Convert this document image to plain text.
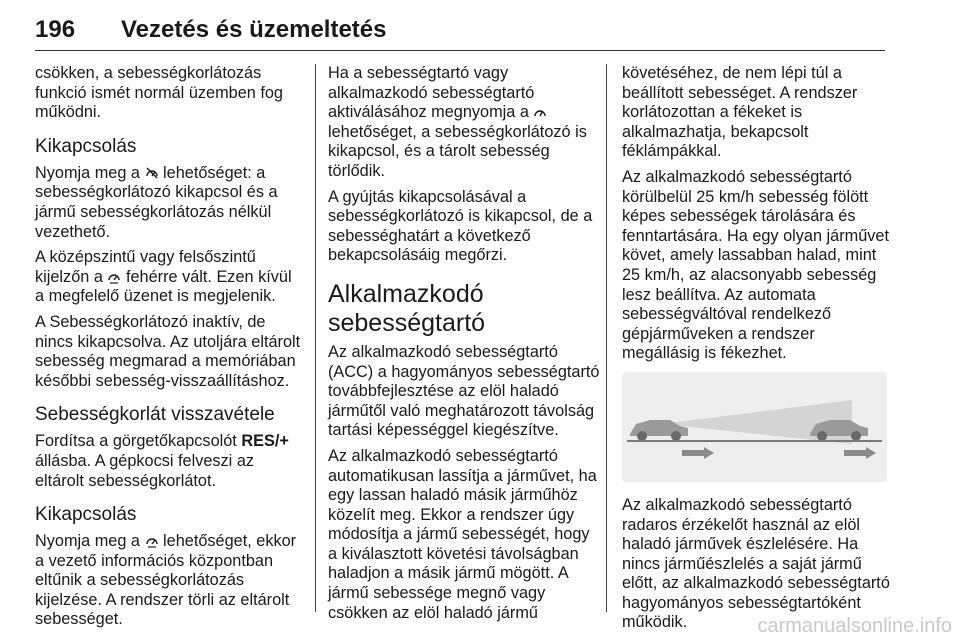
196 Vezetés és üzemeltetés

csökken, a sebességkorlátozás funkció ismét normál üzemben fog működni.

Kikapcsolás

Nyomja meg a lehetőséget: a sebességkorlátozó kikapcsol és a jármű sebességkorlátozás nélkül vezethető.

A középszintű vagy felsőszintű kijelzőn a fehérre vált. Ezen kívül a megfelelő üzenet is megjelenik.

A Sebességkorlátozó inaktív, de nincs kikapcsolva. Az utoljára eltárolt sebesség megmarad a memóriában későbbi sebesség-visszaállításhoz.

Sebességkorlát visszavétele

Fordítsa a görgetőkapcsolót RES/+ állásba. A gépkocsi felveszi az eltárolt sebességkorlátot.

Kikapcsolás

Nyomja meg a lehetőséget, ekkor a vezető információs központban eltűnik a sebességkorlátozás kijelzése. A rendszer törli az eltárolt sebességet.

Ha a sebességtartó vagy alkalmazkodó sebességtartó aktiválásához megnyomja a  lehetőséget, a sebességkorlátozó is kikapcsol, és a tárolt sebesség törlődik.

A gyújtás kikapcsolásával a sebességkorlátozó is kikapcsol, de a sebességhatárt a következő bekapcsolásáig megőrzi.

Alkalmazkodó sebességtartó

Az alkalmazkodó sebességtartó (ACC) a hagyományos sebességtartó továbbfejlesztése az elöl haladó járműtől való meghatározott távolság tartási képességgel kiegészítve.

Az alkalmazkodó sebességtartó automatikusan lassítja a járművet, ha egy lassan haladó másik járműhöz közelít meg. Ekkor a rendszer úgy módosítja a jármű sebességét, hogy a kiválasztott követési távolságban haladjon a másik jármű mögött. A jármű sebessége megnő vagy csökken az elöl haladó jármű

követéséhez, de nem lépi túl a beállított sebességet. A rendszer korlátozottan a fékeket is alkalmazhatja, bekapcsolt féklámpákkal.

Az alkalmazkodó sebességtartó körülbelül 25 km/h sebesség fölött képes sebességek tárolására és fenntartására. Ha egy olyan járművet követ, amely lassabban halad, mint 25 km/h, az alacsonyabb sebesség lesz beállítva. Az automata sebességváltóval rendelkező gépjárműveken a rendszer megállásig is fékezhet.

Az alkalmazkodó sebességtartó radaros érzékelőt használ az elöl haladó járművek észlelésére. Ha nincs járműészlelés a saját jármű előtt, az alkalmazkodó sebességtartó hagyományos sebességtartóként működik.	carmanualsonline.info
